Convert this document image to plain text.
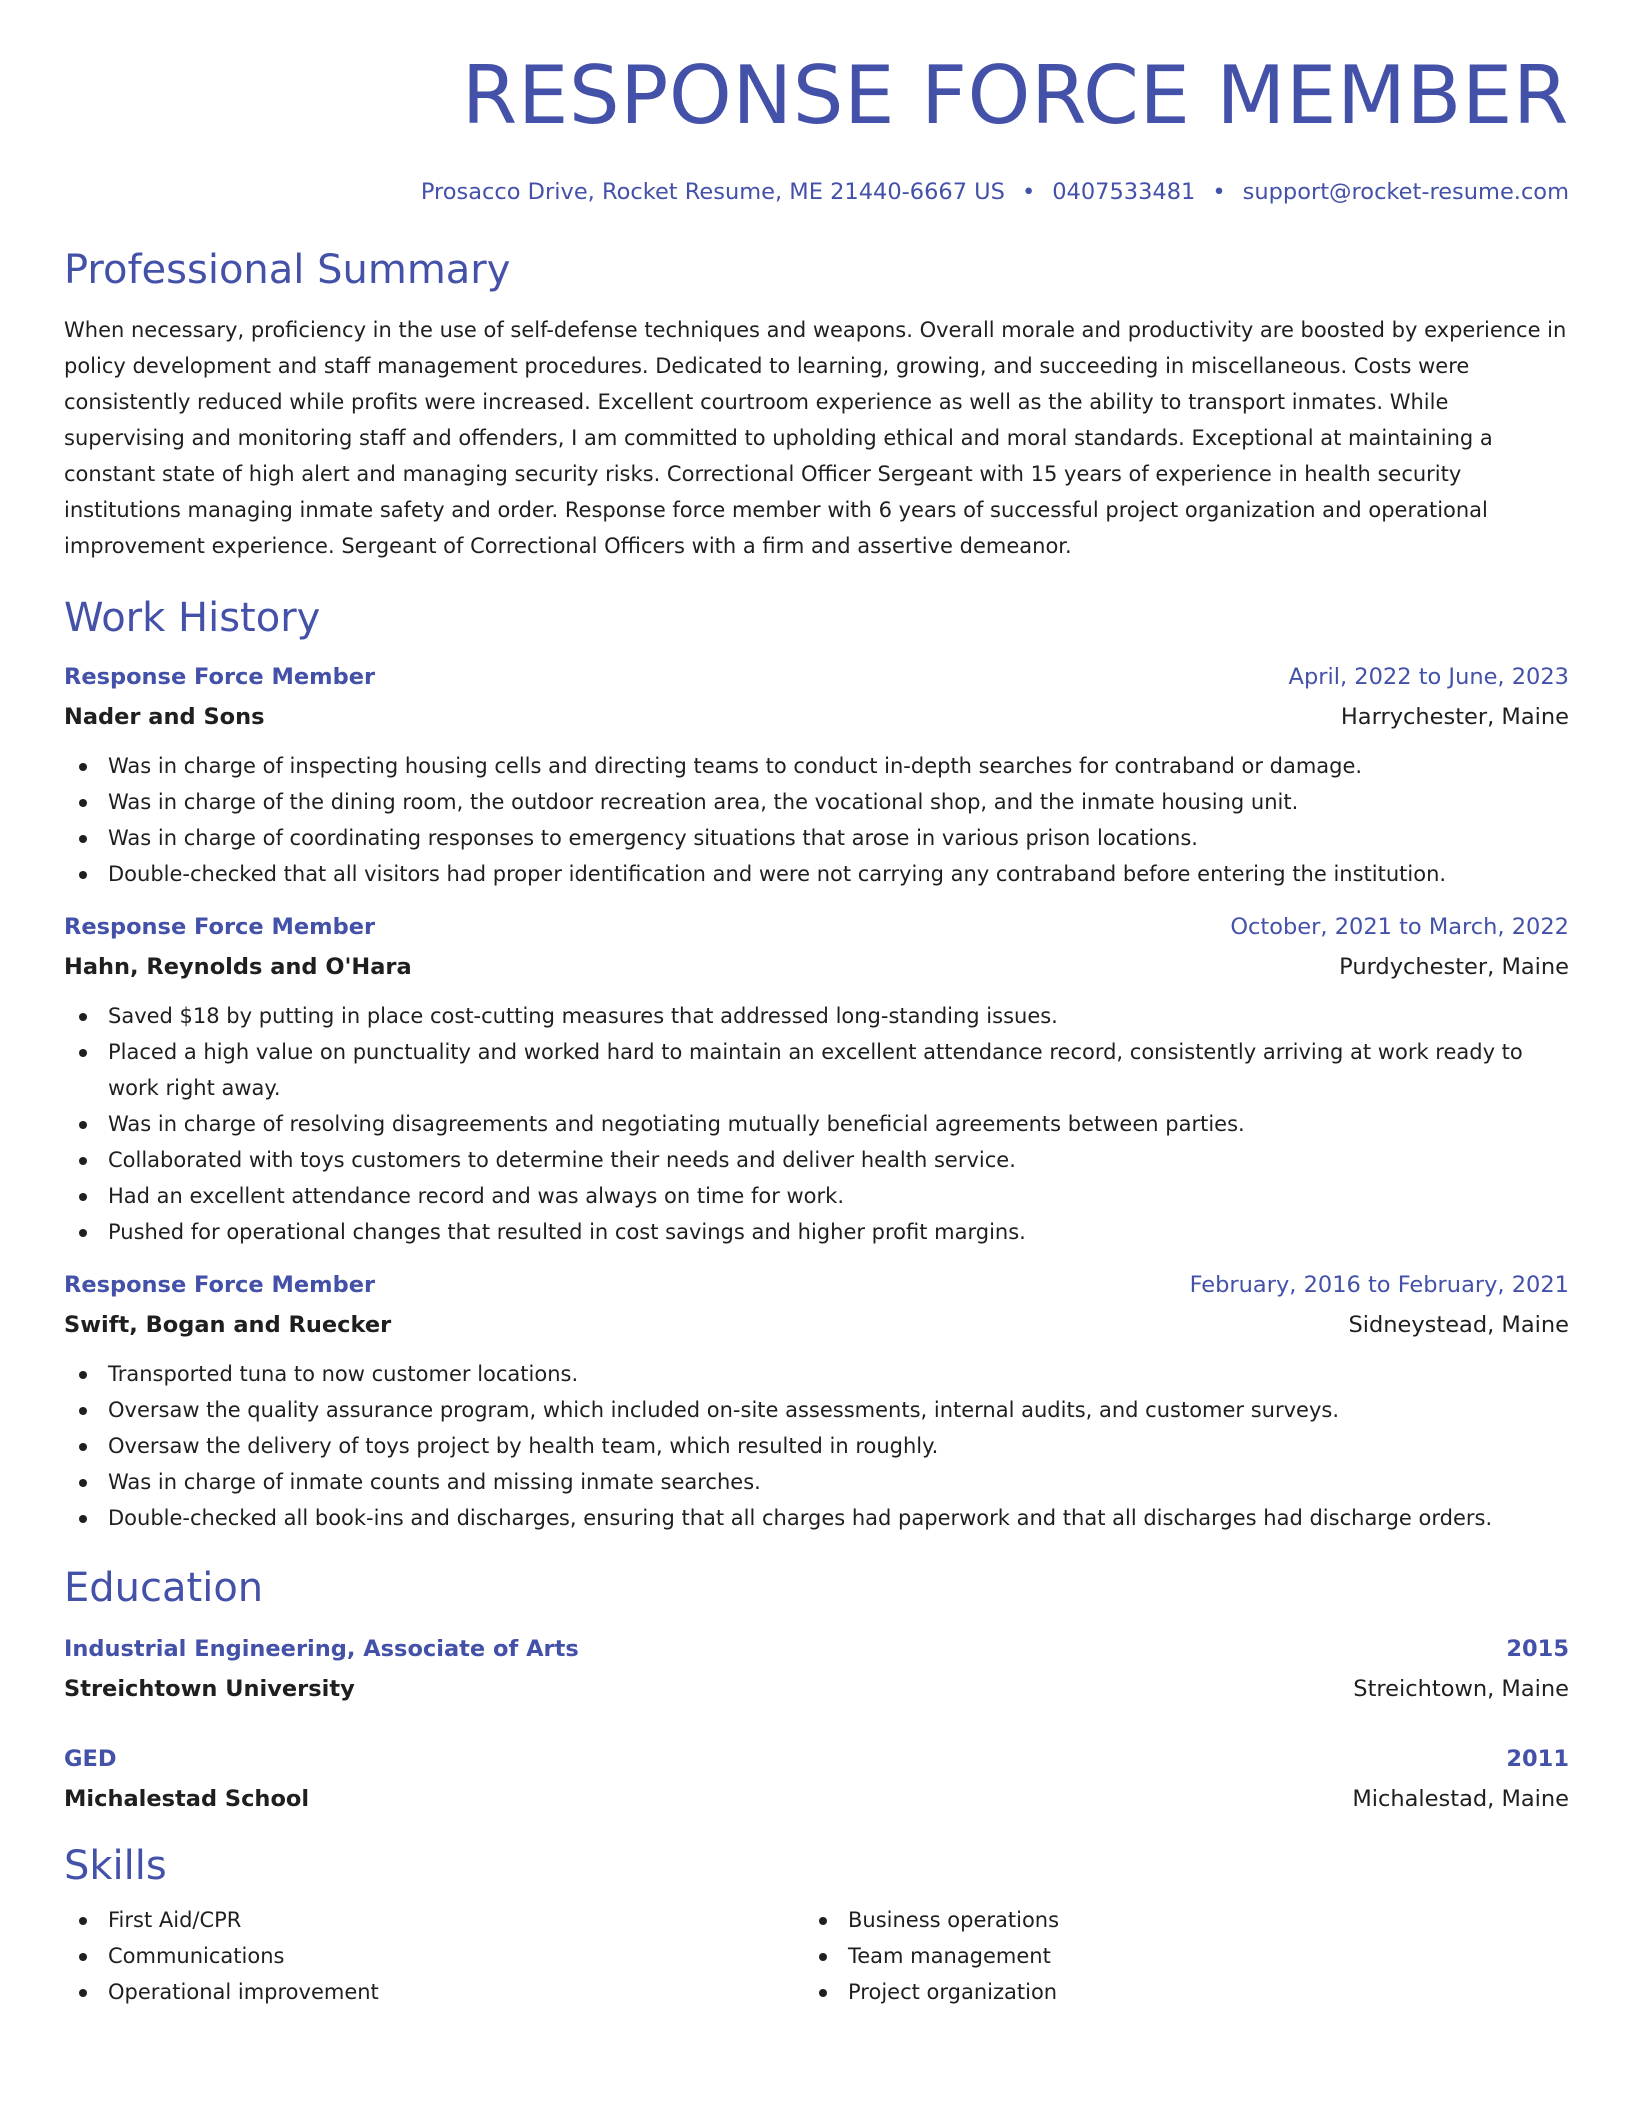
RESPONSE FORCE MEMBER
Prosacco Drive, Rocket Resume, ME 21440-6667 US • 0407533481 • support@rocket-resume.com
Professional Summary
When necessary, proficiency in the use of self-defense techniques and weapons. Overall morale and productivity are boosted by experience in policy development and staff management procedures. Dedicated to learning, growing, and succeeding in miscellaneous. Costs were consistently reduced while profits were increased. Excellent courtroom experience as well as the ability to transport inmates. While supervising and monitoring staff and offenders, I am committed to upholding ethical and moral standards. Exceptional at maintaining a constant state of high alert and managing security risks. Correctional Officer Sergeant with 15 years of experience in health security institutions managing inmate safety and order. Response force member with 6 years of successful project organization and operational improvement experience. Sergeant of Correctional Officers with a firm and assertive demeanor.
Work History
Response Force Member	April, 2022 to June, 2023
Nader and Sons	Harrychester, Maine
Was in charge of inspecting housing cells and directing teams to conduct in-depth searches for contraband or damage.
Was in charge of the dining room, the outdoor recreation area, the vocational shop, and the inmate housing unit.
Was in charge of coordinating responses to emergency situations that arose in various prison locations.
Double-checked that all visitors had proper identification and were not carrying any contraband before entering the institution.
Response Force Member	October, 2021 to March, 2022
Hahn, Reynolds and O'Hara	Purdychester, Maine
Saved $18 by putting in place cost-cutting measures that addressed long-standing issues.
Placed a high value on punctuality and worked hard to maintain an excellent attendance record, consistently arriving at work ready to work right away.
Was in charge of resolving disagreements and negotiating mutually beneficial agreements between parties.
Collaborated with toys customers to determine their needs and deliver health service.
Had an excellent attendance record and was always on time for work.
Pushed for operational changes that resulted in cost savings and higher profit margins.
Response Force Member	February, 2016 to February, 2021
Swift, Bogan and Ruecker	Sidneystead, Maine
Transported tuna to now customer locations.
Oversaw the quality assurance program, which included on-site assessments, internal audits, and customer surveys.
Oversaw the delivery of toys project by health team, which resulted in roughly.
Was in charge of inmate counts and missing inmate searches.
Double-checked all book-ins and discharges, ensuring that all charges had paperwork and that all discharges had discharge orders.
Education
Industrial Engineering, Associate of Arts	2015
Streichtown University	Streichtown, Maine
GED	2011
Michalestad School	Michalestad, Maine
Skills
First Aid/CPR
Communications
Operational improvement
Business operations
Team management
Project organization
